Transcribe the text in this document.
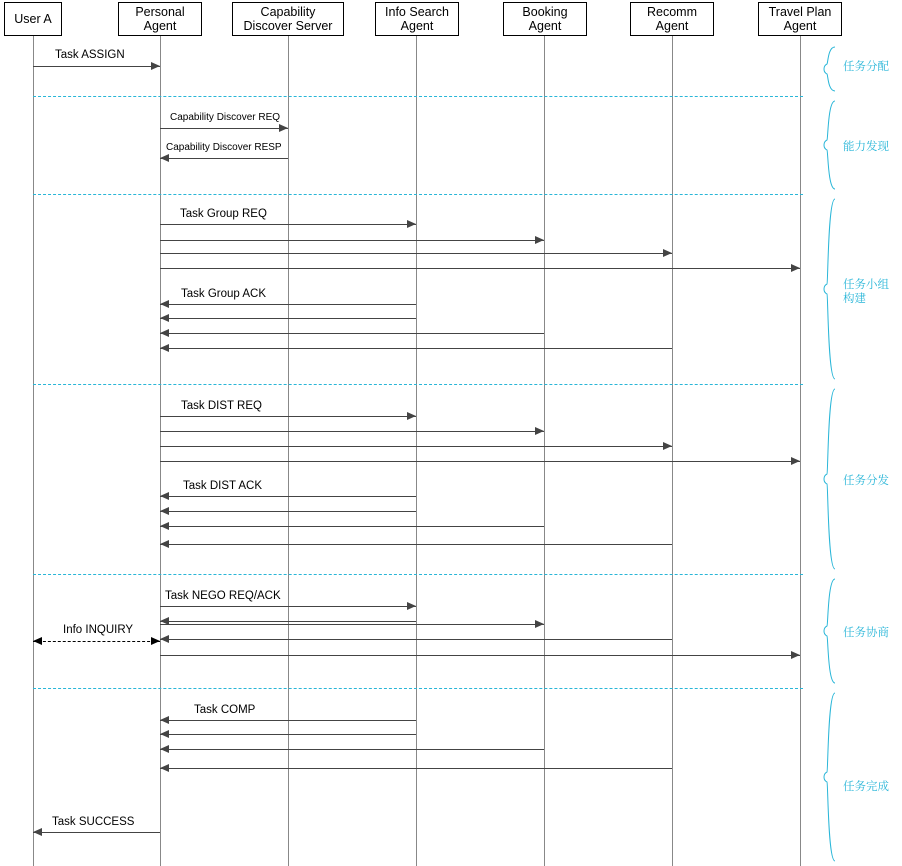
Task ASSIGN
Capability Discover REQ
Capability Discover RESP
Task Group REQ
Task Group ACK
Task DIST REQ
Task DIST ACK
Task NEGO REQ/ACK
Info INQUIRY
Task COMP
Task SUCCESS
User A	Personal
Agent
Capability
Discover Server
Info Search
Agent
Booking
Agent
Recomm
Agent
Travel Plan
Agent
任务分配
能力发现
任务小组
构建
任务分发
任务协商
任务完成
